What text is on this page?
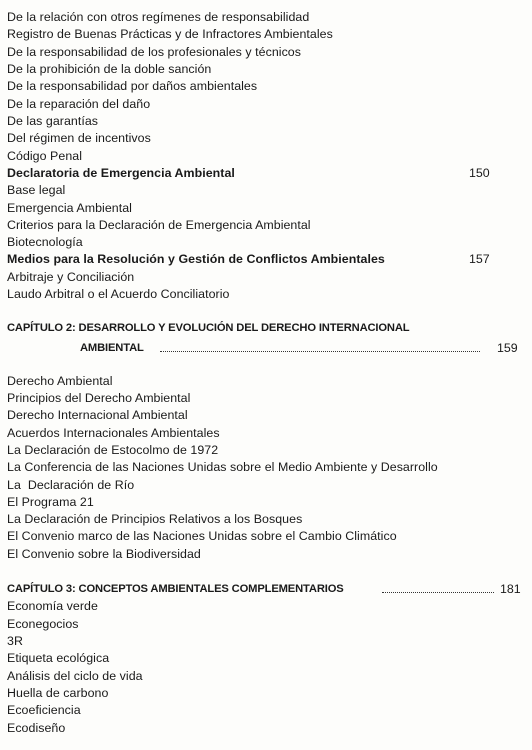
De la relación con otros regímenes de responsabilidad
Registro de Buenas Prácticas y de Infractores Ambientales
De la responsabilidad de los profesionales y técnicos
De la prohibición de la doble sanción
De la responsabilidad por daños ambientales
De la reparación del daño
De las garantías
Del régimen de incentivos
Código Penal
Declaratoria de Emergencia Ambiental	150
Base legal
Emergencia Ambiental
Criterios para la Declaración de Emergencia Ambiental
Biotecnología
Medios para la Resolución y Gestión de Conflictos Ambientales	157
Arbitraje y Conciliación
Laudo Arbitral o el Acuerdo Conciliatorio
CAPÍTULO 2: DESARROLLO Y EVOLUCIÓN DEL DERECHO INTERNACIONAL
AMBIENTAL	159
Derecho Ambiental
Principios del Derecho Ambiental
Derecho Internacional Ambiental
Acuerdos Internacionales Ambientales
La Declaración de Estocolmo de 1972
La Conferencia de las Naciones Unidas sobre el Medio Ambiente y Desarrollo
La  Declaración de Río
El Programa 21
La Declaración de Principios Relativos a los Bosques
El Convenio marco de las Naciones Unidas sobre el Cambio Climático
El Convenio sobre la Biodiversidad
CAPÍTULO 3: CONCEPTOS AMBIENTALES COMPLEMENTARIOS	181
Economía verde
Econegocios
3R
Etiqueta ecológica
Análisis del ciclo de vida
Huella de carbono
Ecoeficiencia
Ecodiseño
